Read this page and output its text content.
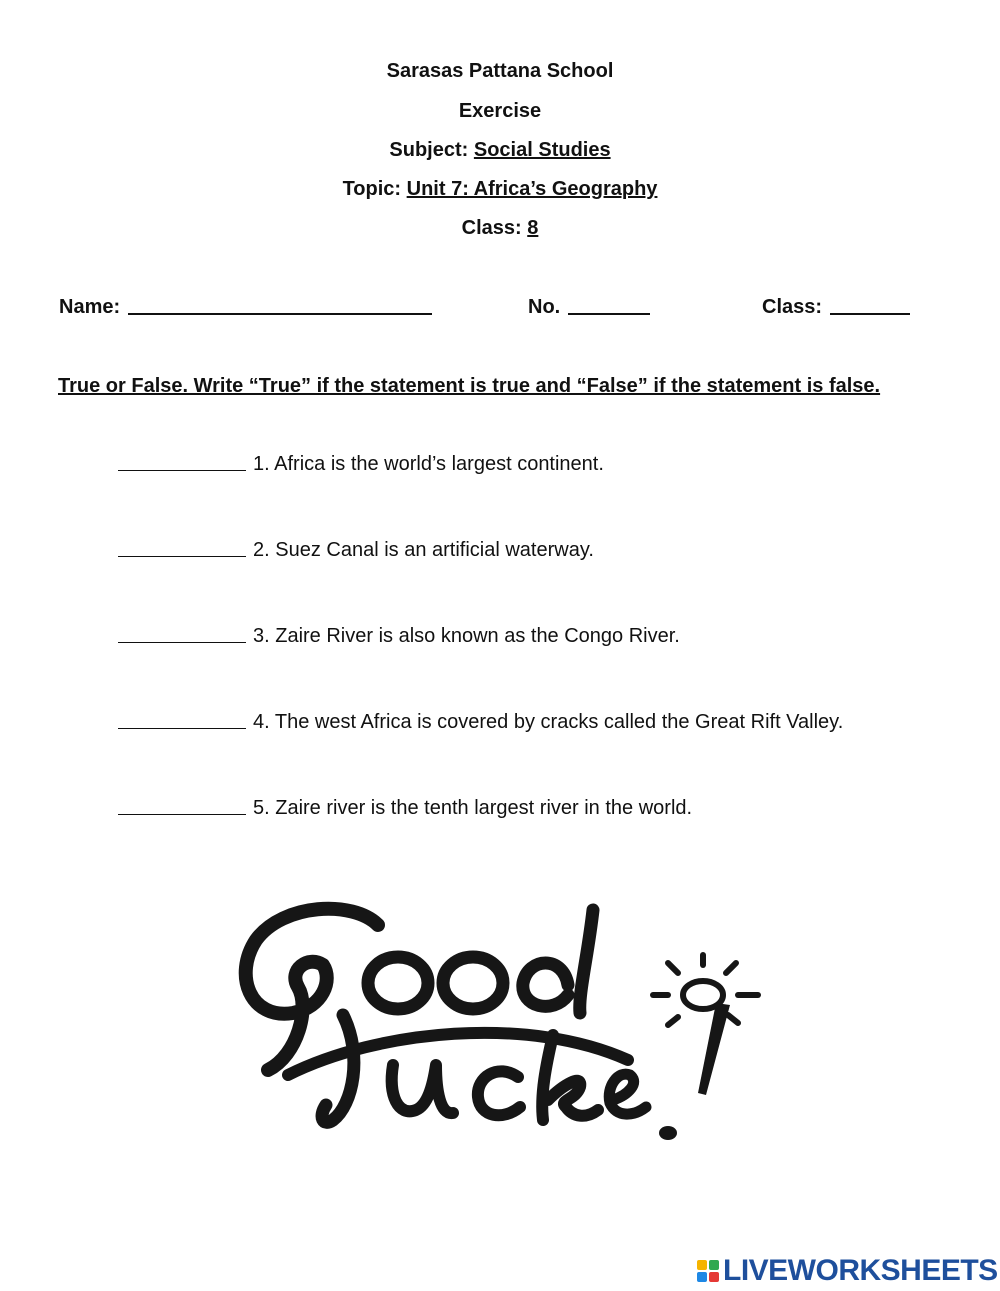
Sarasas Pattana School
Exercise
Subject: Social Studies
Topic: Unit 7: Africa’s Geography
Class: 8
Name:	No.	Class:
True or False. Write “True” if the statement is true and “False” if the statement is false.
1. Africa is the world’s largest continent.
2. Suez Canal is an artificial waterway.
3. Zaire River is also known as the Congo River.
4. The west Africa is covered by cracks called the Great Rift Valley.
5. Zaire river is the tenth largest river in the world.
LIVEWORKSHEETS
